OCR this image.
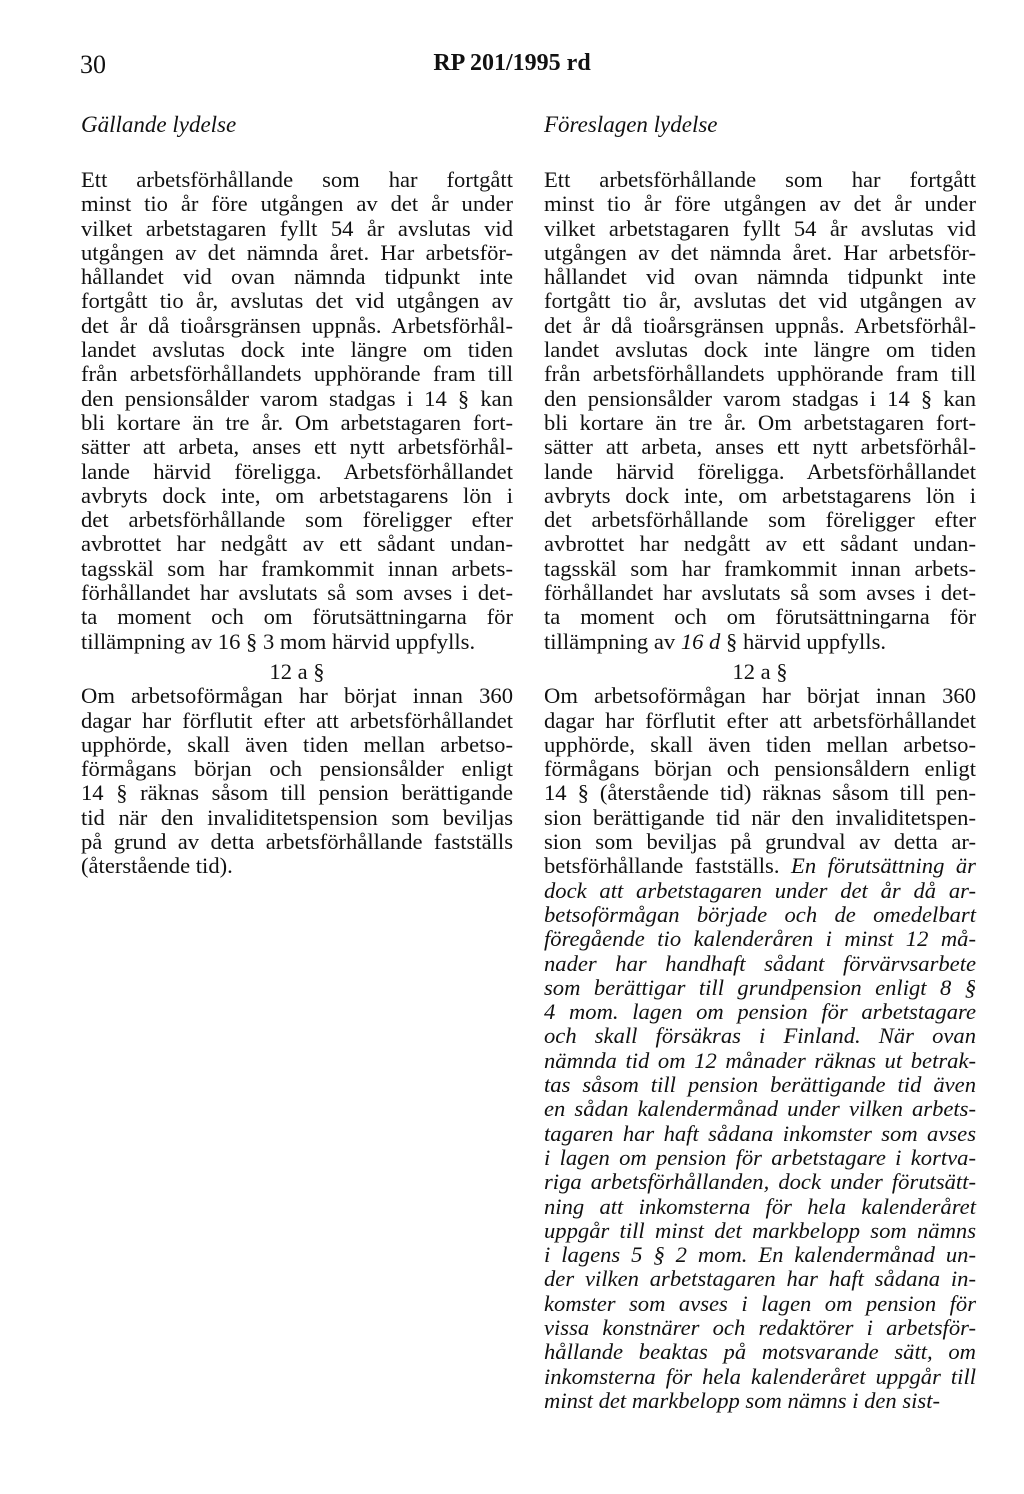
30	RP 201/1995 rd
Gällande lydelse	Föreslagen lydelse
Ett arbetsförhållande som har fortgått
minst tio år före utgången av det år under
vilket arbetstagaren fyllt 54 år avslutas vid
utgången av det nämnda året. Har arbetsför-
hållandet vid ovan nämnda tidpunkt inte
fortgått tio år, avslutas det vid utgången av
det år då tioårsgränsen uppnås. Arbetsförhål-
landet avslutas dock inte längre om tiden
från arbetsförhållandets upphörande fram till
den pensionsålder varom stadgas i 14 § kan
bli kortare än tre år. Om arbetstagaren fort-
sätter att arbeta, anses ett nytt arbetsförhål-
lande härvid föreligga. Arbetsförhållandet
avbryts dock inte, om arbetstagarens lön i
det arbetsförhållande som föreligger efter
avbrottet har nedgått av ett sådant undan-
tagsskäl som har framkommit innan arbets-
förhållandet har avslutats så som avses i det-
ta moment och om förutsättningarna för
tillämpning av 16 § 3 mom härvid uppfylls.
Ett arbetsförhållande som har fortgått
minst tio år före utgången av det år under
vilket arbetstagaren fyllt 54 år avslutas vid
utgången av det nämnda året. Har arbetsför-
hållandet vid ovan nämnda tidpunkt inte
fortgått tio år, avslutas det vid utgången av
det år då tioårsgränsen uppnås. Arbetsförhål-
landet avslutas dock inte längre om tiden
från arbetsförhållandets upphörande fram till
den pensionsålder varom stadgas i 14 § kan
bli kortare än tre år. Om arbetstagaren fort-
sätter att arbeta, anses ett nytt arbetsförhål-
lande härvid föreligga. Arbetsförhållandet
avbryts dock inte, om arbetstagarens lön i
det arbetsförhållande som föreligger efter
avbrottet har nedgått av ett sådant undan-
tagsskäl som har framkommit innan arbets-
förhållandet har avslutats så som avses i det-
ta moment och om förutsättningarna för
tillämpning av 16 d § härvid uppfylls.
12 a §
Om arbetsoförmågan har börjat innan 360
dagar har förflutit efter att arbetsförhållandet
upphörde, skall även tiden mellan arbetso-
förmågans början och pensionsålder enligt
14 § räknas såsom till pension berättigande
tid när den invaliditetspension som beviljas
på grund av detta arbetsförhållande fastställs
(återstående tid).
12 a §
Om arbetsoförmågan har börjat innan 360
dagar har förflutit efter att arbetsförhållandet
upphörde, skall även tiden mellan arbetso-
förmågans början och pensionsåldern enligt
14 § (återstående tid) räknas såsom till pen-
sion berättigande tid när den invaliditetspen-
sion som beviljas på grundval av detta ar-
betsförhållande fastställs. En förutsättning är
dock att arbetstagaren under det år då ar-
betsoförmågan började och de omedelbart
föregående tio kalenderåren i minst 12 må-
nader har handhaft sådant förvärvsarbete
som berättigar till grundpension enligt 8 §
4 mom. lagen om pension för arbetstagare
och skall försäkras i Finland. När ovan
nämnda tid om 12 månader räknas ut betrak-
tas såsom till pension berättigande tid även
en sådan kalendermånad under vilken arbets-
tagaren har haft sådana inkomster som avses
i lagen om pension för arbetstagare i kortva-
riga arbetsförhållanden, dock under förutsätt-
ning att inkomsterna för hela kalenderåret
uppgår till minst det markbelopp som nämns
i lagens 5 § 2 mom. En kalendermånad un-
der vilken arbetstagaren har haft sådana in-
komster som avses i lagen om pension för
vissa konstnärer och redaktörer i arbetsför-
hållande beaktas på motsvarande sätt, om
inkomsterna för hela kalenderåret uppgår till
minst det markbelopp som nämns i den sist-
